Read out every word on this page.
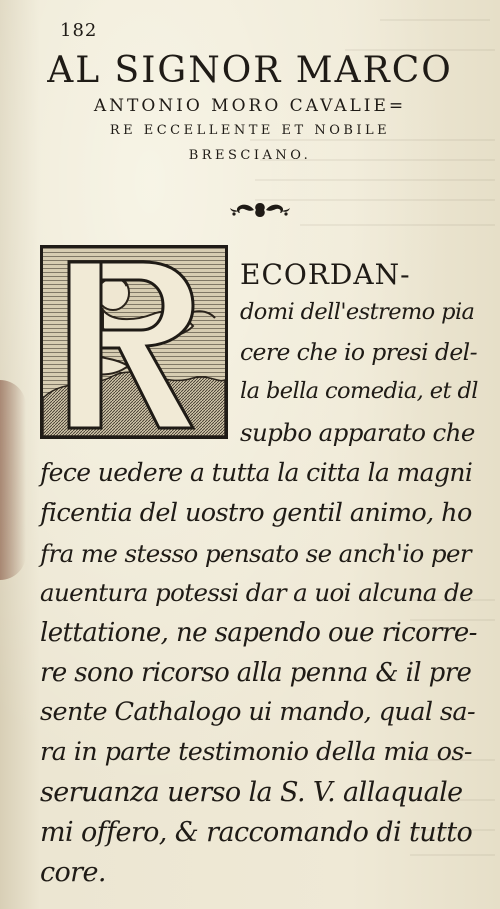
182
AL SIGNOR MARCO
ANTONIO MORO CAVALIE=
RE ECCELLENTE ET NOBILE
BRESCIANO.
ECORDAN-
domi dell'estremo pia
cere che io presi del-
la bella comedia, et dl
supbo apparato che
fece uedere a tutta la citta la magni
ficentia del uostro gentil animo, ho
fra me stesso pensato se anch'io per
auentura potessi dar a uoi alcuna de
lettatione, ne sapendo oue ricorre-
re sono ricorso alla penna & il pre
sente Cathalogo ui mando, qual sa-
ra in parte testimonio della mia os-
seruanza uerso la S. V. allaquale
mi offero, & raccomando di tutto
core.
